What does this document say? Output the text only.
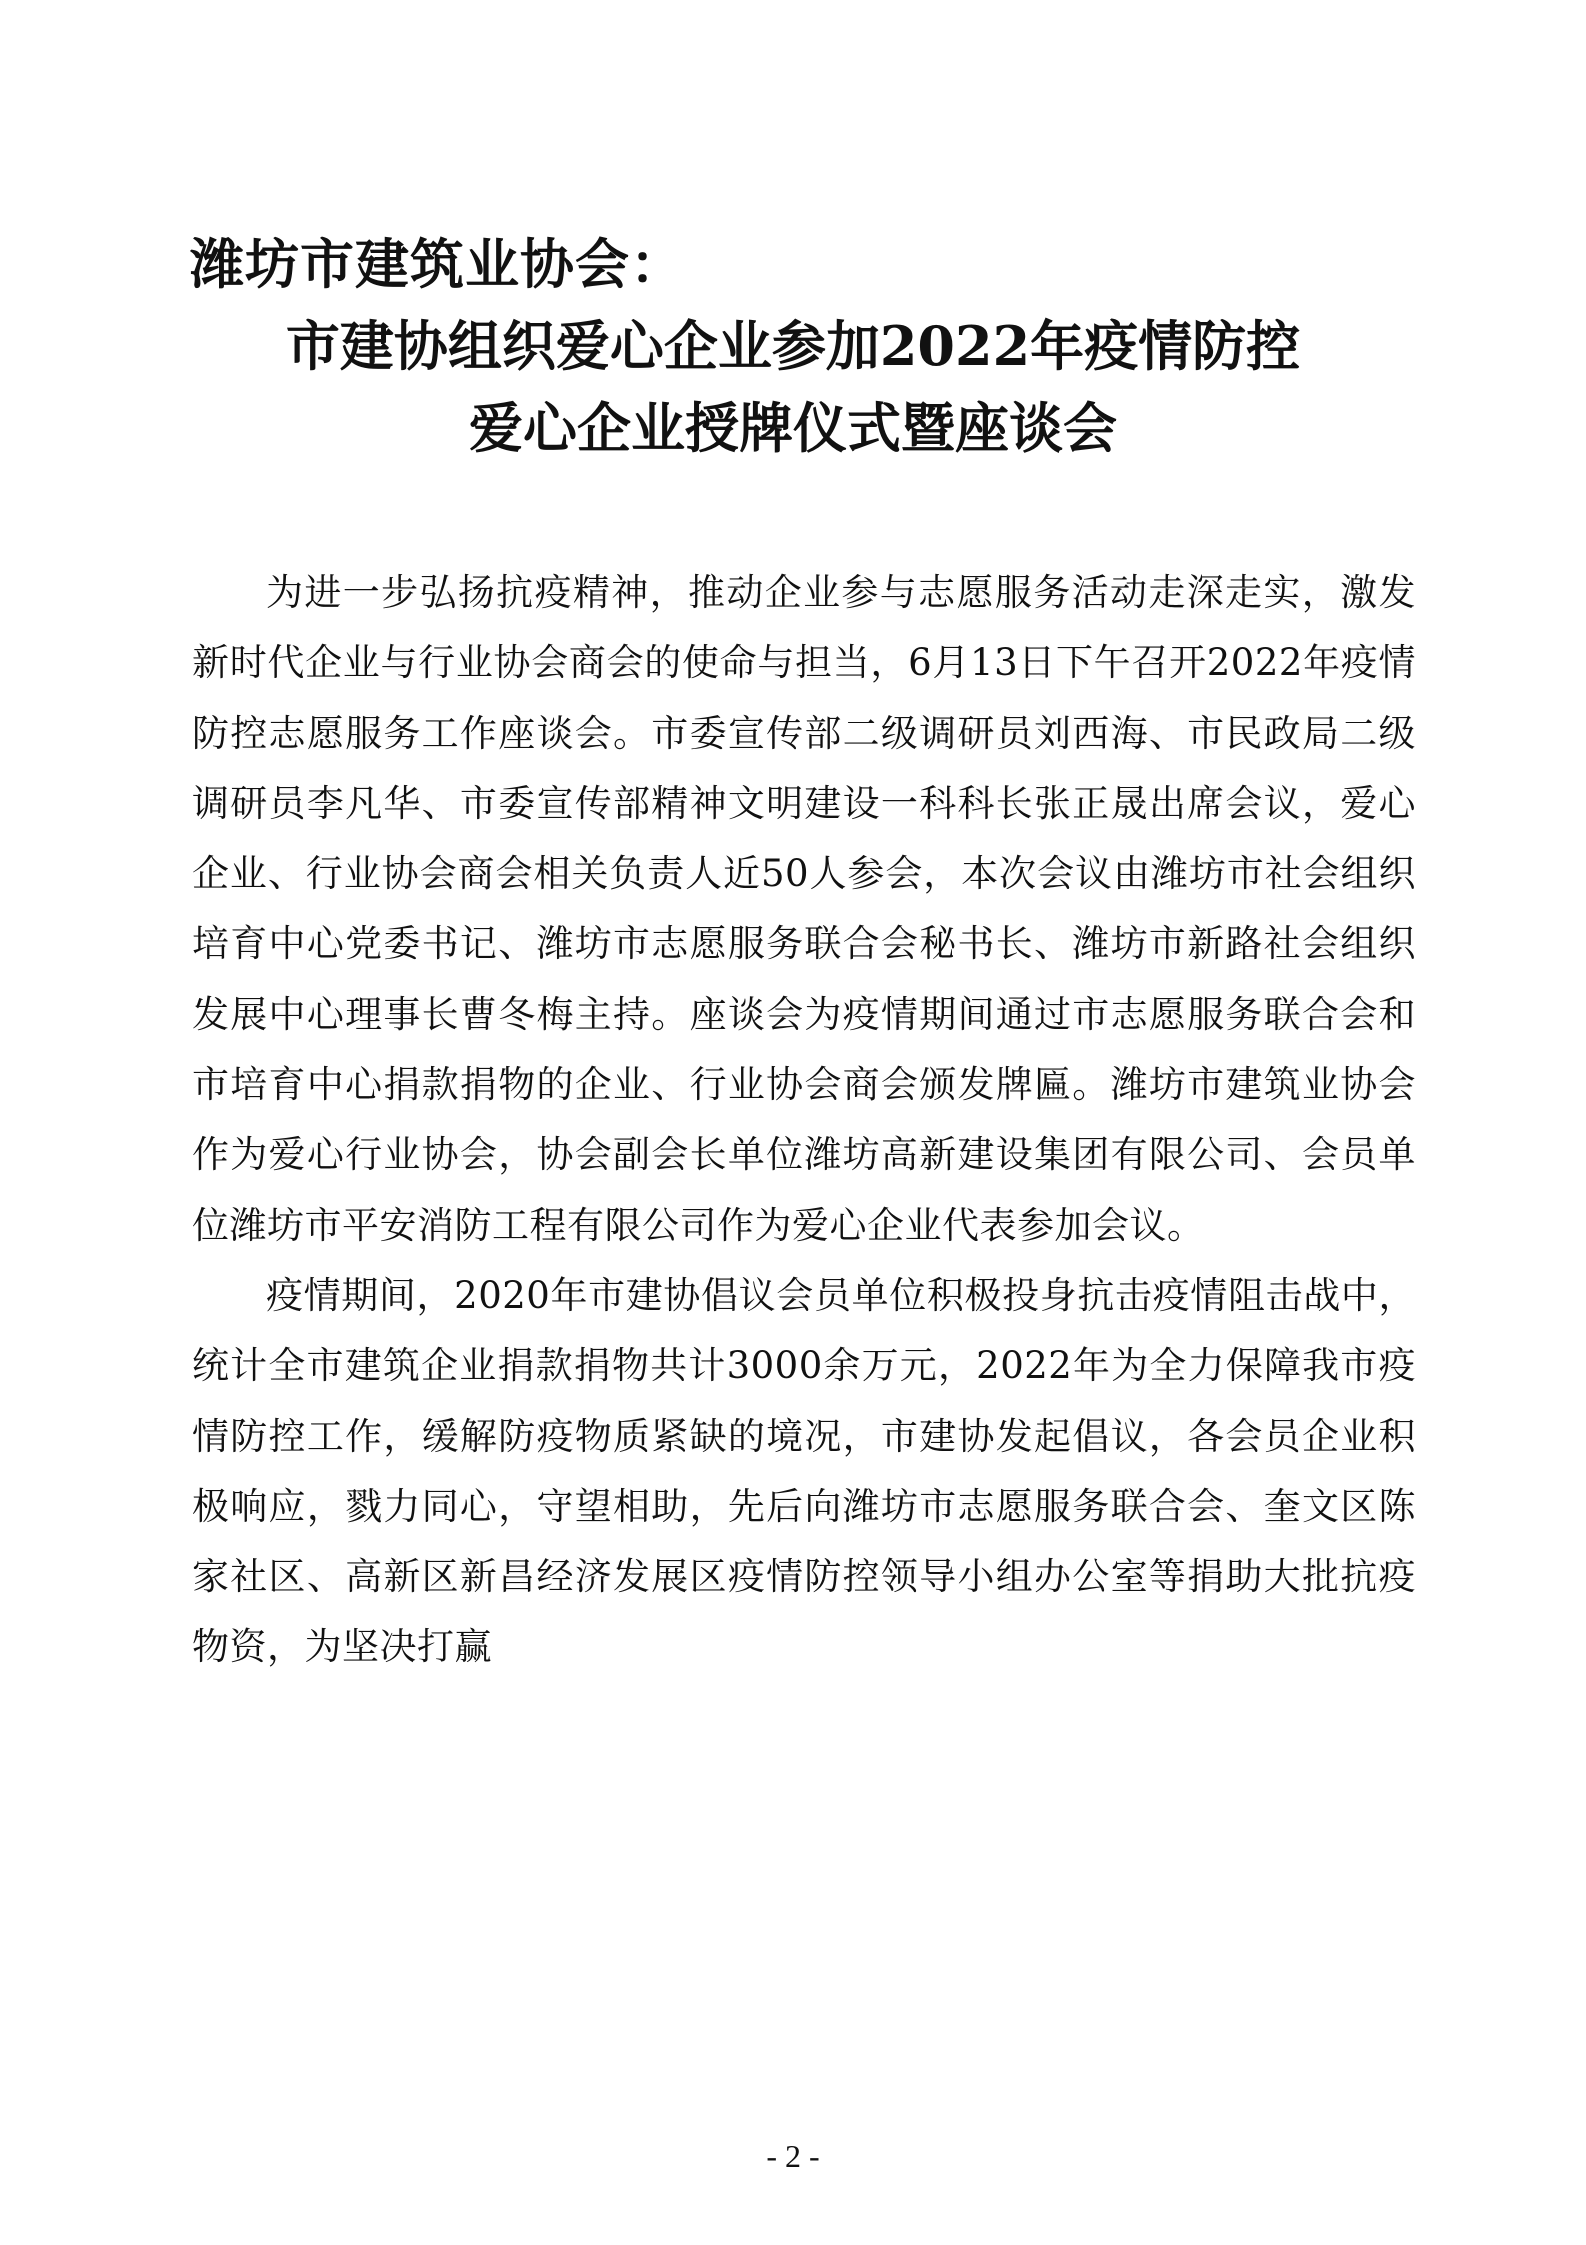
潍坊市建筑业协会：
市建协组织爱心企业参加2022年疫情防控
爱心企业授牌仪式暨座谈会

为进一步弘扬抗疫精神，推动企业参与志愿服务活动走深走实，激发新时代企业与行业协会商会的使命与担当，6月13日下午召开2022年疫情防控志愿服务工作座谈会。市委宣传部二级调研员刘西海、市民政局二级调研员李凡华、市委宣传部精神文明建设一科科长张正晟出席会议，爱心企业、行业协会商会相关负责人近50人参会，本次会议由潍坊市社会组织培育中心党委书记、潍坊市志愿服务联合会秘书长、潍坊市新路社会组织发展中心理事长曹冬梅主持。座谈会为疫情期间通过市志愿服务联合会和市培育中心捐款捐物的企业、行业协会商会颁发牌匾。潍坊市建筑业协会作为爱心行业协会，协会副会长单位潍坊高新建设集团有限公司、会员单位潍坊市平安消防工程有限公司作为爱心企业代表参加会议。

疫情期间，2020年市建协倡议会员单位积极投身抗击疫情阻击战中，统计全市建筑企业捐款捐物共计3000余万元，2022年为全力保障我市疫情防控工作，缓解防疫物质紧缺的境况，市建协发起倡议，各会员企业积极响应，戮力同心，守望相助，先后向潍坊市志愿服务联合会、奎文区陈家社区、高新区新昌经济发展区疫情防控领导小组办公室等捐助大批抗疫物资，为坚决打赢

- 2 -
